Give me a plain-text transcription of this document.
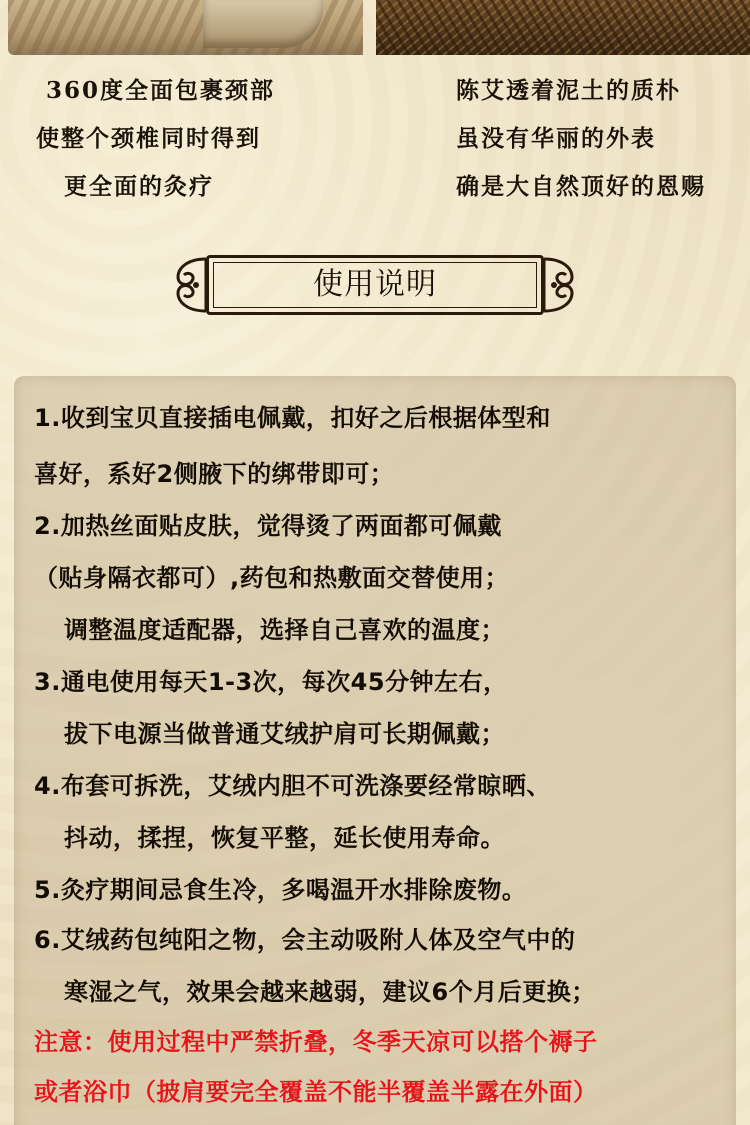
360度全面包裹颈部
使整个颈椎同时得到
更全面的灸疗
陈艾透着泥土的质朴
虽没有华丽的外表
确是大自然顶好的恩赐
使用说明
1.收到宝贝直接插电佩戴，扣好之后根据体型和
喜好，系好2侧腋下的绑带即可；
2.加热丝面贴皮肤，觉得烫了两面都可佩戴
（贴身隔衣都可）,药包和热敷面交替使用；
调整温度适配器，选择自己喜欢的温度；
3.通电使用每天1-3次，每次45分钟左右，
拔下电源当做普通艾绒护肩可长期佩戴；
4.布套可拆洗，艾绒内胆不可洗涤要经常晾晒、
抖动，揉捏，恢复平整，延长使用寿命。
5.灸疗期间忌食生冷，多喝温开水排除废物。
6.艾绒药包纯阳之物，会主动吸附人体及空气中的
寒湿之气，效果会越来越弱，建议6个月后更换；
注意：使用过程中严禁折叠，冬季天凉可以搭个褥子
或者浴巾（披肩要完全覆盖不能半覆盖半露在外面）
